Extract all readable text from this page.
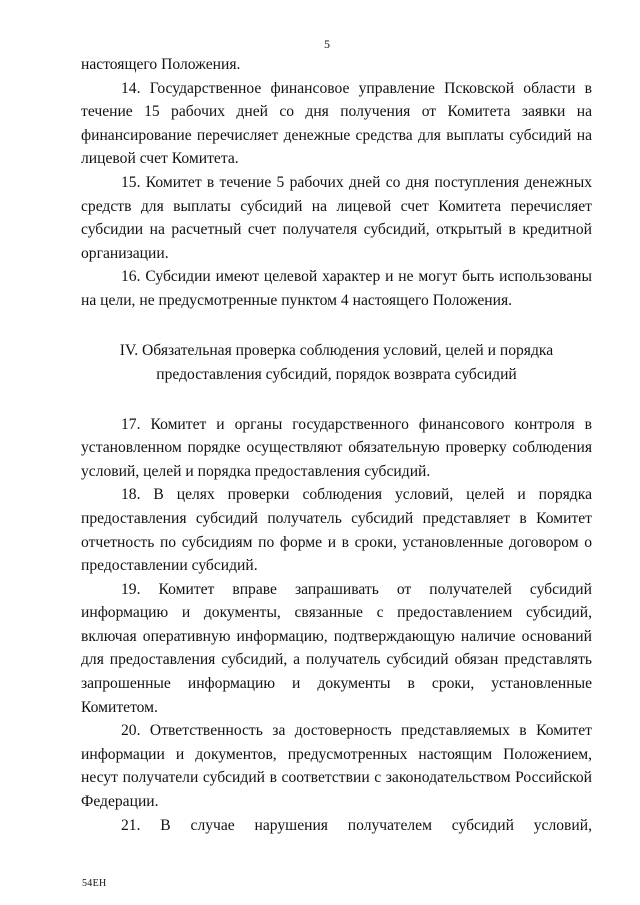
5

настоящего Положения.

14. Государственное финансовое управление Псковской области в течение 15 рабочих дней со дня получения от Комитета заявки на финансирование перечисляет денежные средства для выплаты субсидий на лицевой счет Комитета.

15. Комитет в течение 5 рабочих дней со дня поступления денежных средств для выплаты субсидий на лицевой счет Комитета перечисляет субсидии на расчетный счет получателя субсидий, открытый в кредитной организации.

16. Субсидии имеют целевой характер и не могут быть использованы на цели, не предусмотренные пунктом 4 настоящего Положения.

IV. Обязательная проверка соблюдения условий, целей и порядка
предоставления субсидий, порядок возврата субсидий

17. Комитет и органы государственного финансового контроля в установленном порядке осуществляют обязательную проверку соблюдения условий, целей и порядка предоставления субсидий.

18. В целях проверки соблюдения условий, целей и порядка предоставления субсидий получатель субсидий представляет в Комитет отчетность по субсидиям по форме и в сроки, установленные договором о предоставлении субсидий.

19. Комитет вправе запрашивать от получателей субсидий информацию и документы, связанные с предоставлением субсидий, включая оперативную информацию, подтверждающую наличие оснований для предоставления субсидий, а получатель субсидий обязан представлять запрошенные информацию и документы в сроки, установленные Комитетом.

20. Ответственность за достоверность представляемых в Комитет информации и документов, предусмотренных настоящим Положением, несут получатели субсидий в соответствии с законодательством Российской Федерации.

21. В случае нарушения получателем субсидий условий,

54ЕН
